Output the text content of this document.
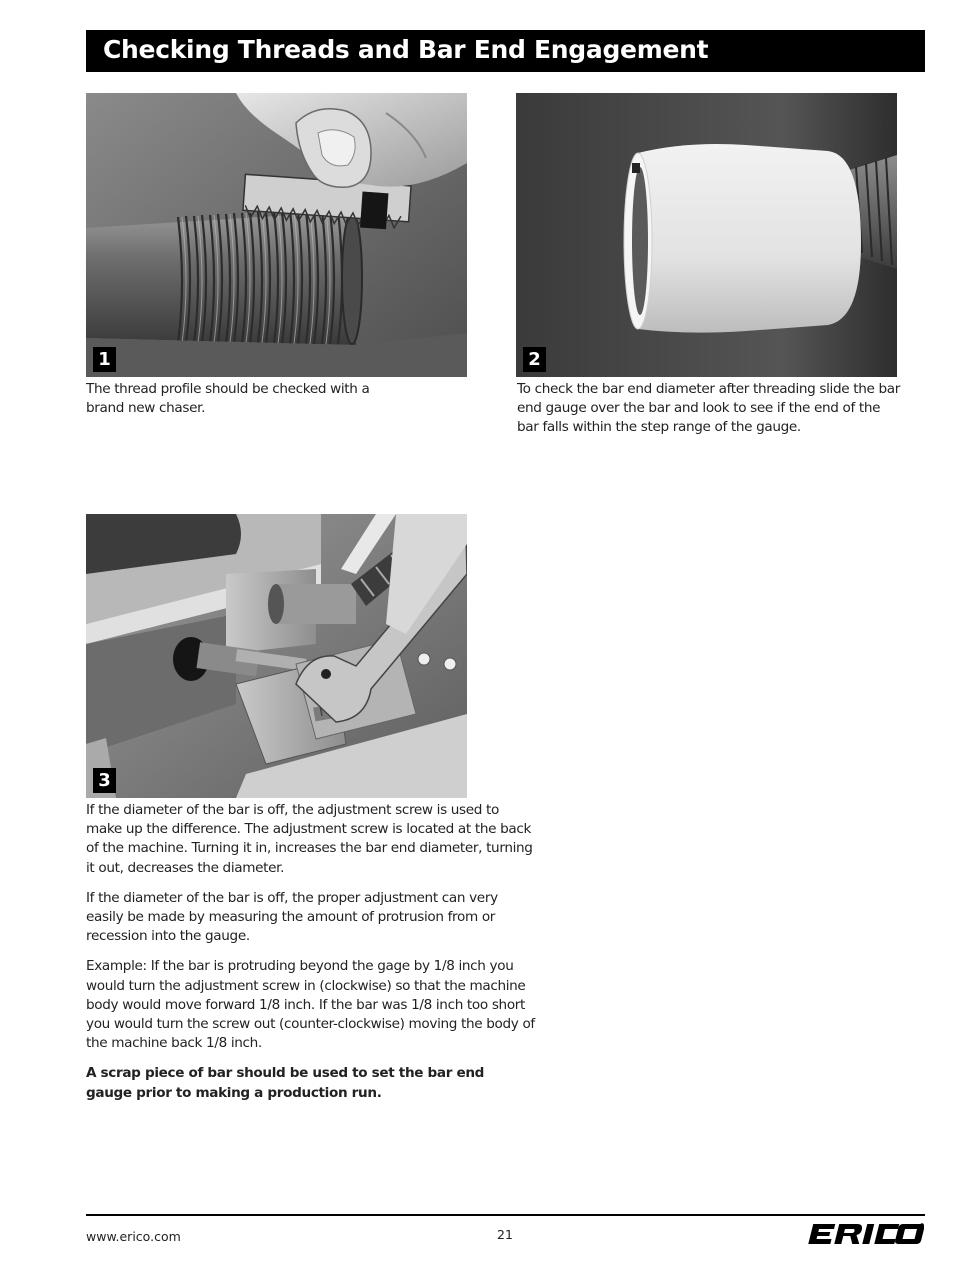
Checking Threads and Bar End Engagement
1

The thread profile should be checked with a brand new chaser.

2

To check the bar end diameter after threading slide the bar end gauge over the bar and look to see if the end of the bar falls within the step range of the gauge.

3

If the diameter of the bar is off, the adjustment screw is used to make up the difference. The adjustment screw is located at the back of the machine. Turning it in, increases the bar end diameter, turning it out, decreases the diameter.

If the diameter of the bar is off, the proper adjustment can very easily be made by measuring the amount of protrusion from or recession into the gauge.

Example: If the bar is protruding beyond the gage by 1/8 inch you would turn the adjustment screw in (clockwise) so that the machine body would move forward 1/8 inch. If the bar was 1/8 inch too short you would turn the screw out (counter-clockwise) moving the body of the machine back 1/8 inch.

A scrap piece of bar should be used to set the bar end gauge prior to making a production run.

www.erico.com	21
